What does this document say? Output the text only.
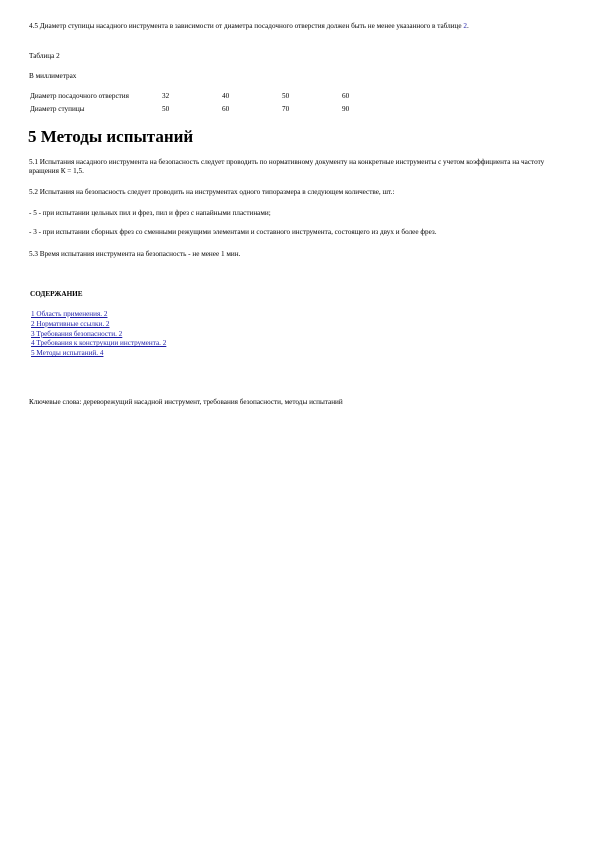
4.5 Диаметр ступицы насадного инструмента в зависимости от диаметра посадочного отверстия должен быть не менее указанного в таблице 2.

Таблица 2

В миллиметрах

Диаметр посадочного отверстия	32	40	50	60
Диаметр ступицы	50	60	70	90
5 Методы испытаний

5.1 Испытания насадного инструмента на безопасность следует проводить по нормативному документу на конкретные инструменты с учетом коэффициента на частоту вращения К = 1,5.

5.2 Испытания на безопасность следует проводить на инструментах одного типоразмера в следующем количестве, шт.:

- 5 - при испытании цельных пил и фрез, пил и фрез с напайными пластинами;

- 3 - при испытании сборных фрез со сменными режущими элементами и составного инструмента, состоящего из двух и более фрез.

5.3 Время испытания инструмента на безопасность - не менее 1 мин.

СОДЕРЖАНИЕ

1 Область применения. 2
2 Нормативные ссылки. 2
3 Требования безопасности. 2
4 Требования к конструкции инструмента. 2
5 Методы испытаний. 4

Ключевые слова: дереворежущий насадной инструмент, требования безопасности, методы испытаний
